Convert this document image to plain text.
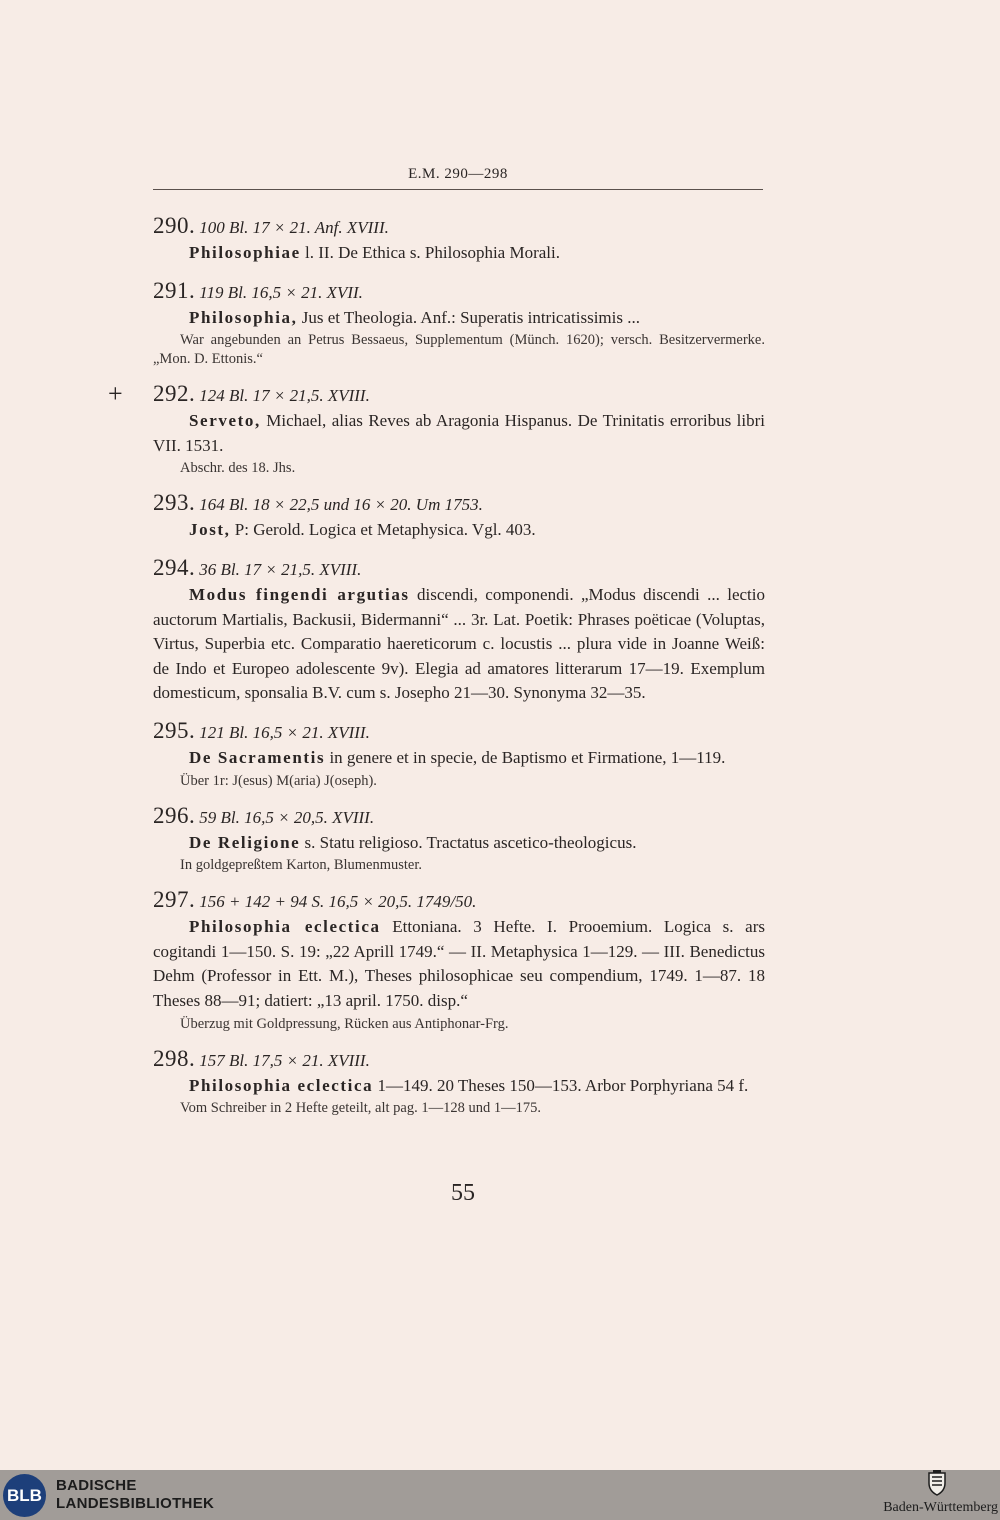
E.M. 290—298
290. 100 Bl. 17 × 21. Anf. XVIII.
Philosophiae l. II. De Ethica s. Philosophia Morali.
291. 119 Bl. 16,5 × 21. XVII.
Philosophia, Jus et Theologia. Anf.: Superatis intricatissimis ...
War angebunden an Petrus Bessaeus, Supplementum (Münch. 1620); versch. Besitzervermerke. „Mon. D. Ettonis.“
+ 292. 124 Bl. 17 × 21,5. XVIII.
Serveto, Michael, alias Reves ab Aragonia Hispanus. De Trinitatis erroribus libri VII. 1531.
Abschr. des 18. Jhs.
293. 164 Bl. 18 × 22,5 und 16 × 20. Um 1753.
Jost, P: Gerold. Logica et Metaphysica. Vgl. 403.
294. 36 Bl. 17 × 21,5. XVIII.
Modus fingendi argutias discendi, componendi. „Modus discendi ... lectio auctorum Martialis, Backusii, Bidermanni“ ... 3r. Lat. Poetik: Phrases poëticae (Voluptas, Virtus, Superbia etc. Comparatio haereticorum c. locustis ... plura vide in Joanne Weiß: de Indo et Europeo adolescente 9v). Elegia ad amatores litterarum 17—19. Exemplum domesticum, sponsalia B.V. cum s. Josepho 21—30. Synonyma 32—35.
295. 121 Bl. 16,5 × 21. XVIII.
De Sacramentis in genere et in specie, de Baptismo et Firmatione, 1—119.
Über 1r: J(esus) M(aria) J(oseph).
296. 59 Bl. 16,5 × 20,5. XVIII.
De Religione s. Statu religioso. Tractatus ascetico-theologicus.
In goldgepreßtem Karton, Blumenmuster.
297. 156 + 142 + 94 S. 16,5 × 20,5. 1749/50.
Philosophia eclectica Ettoniana. 3 Hefte. I. Prooemium. Logica s. ars cogitandi 1—150. S. 19: „22 Aprill 1749.“ — II. Metaphysica 1—129. — III. Benedictus Dehm (Professor in Ett. M.), Theses philosophicae seu compendium, 1749. 1—87. 18 Theses 88—91; datiert: „13 april. 1750. disp.“
Überzug mit Goldpressung, Rücken aus Antiphonar-Frg.
298. 157 Bl. 17,5 × 21. XVIII.
Philosophia eclectica 1—149. 20 Theses 150—153. Arbor Porphyriana 54 f.
Vom Schreiber in 2 Hefte geteilt, alt pag. 1—128 und 1—175.
55
BLB
BADISCHE
LANDESBIBLIOTHEK	Baden-Württemberg
